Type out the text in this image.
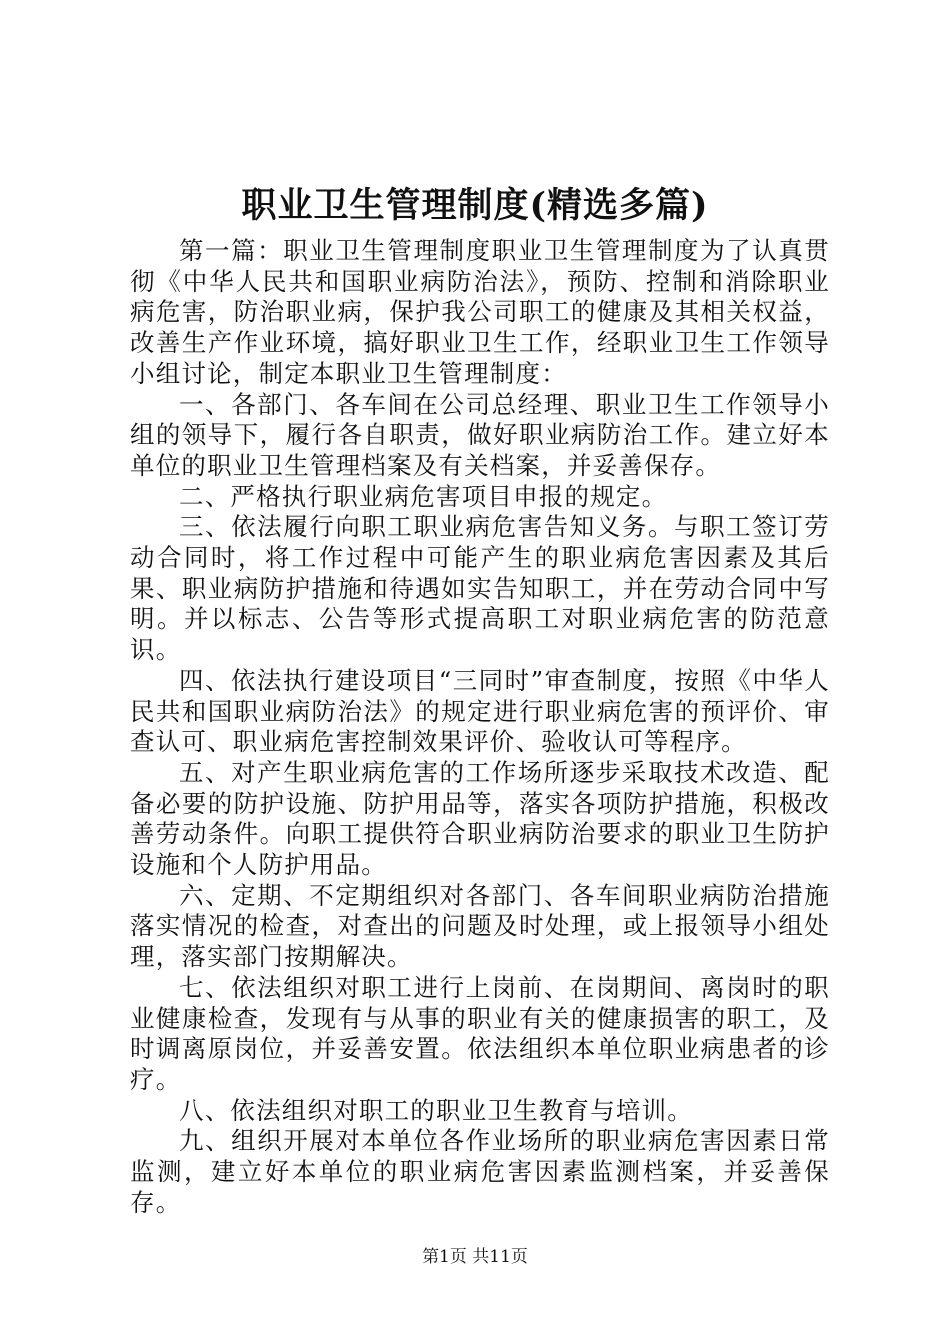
职业卫生管理制度(精选多篇)

第一篇：职业卫生管理制度职业卫生管理制度为了认真贯彻《中华人民共和国职业病防治法》，预防、控制和消除职业病危害，防治职业病，保护我公司职工的健康及其相关权益，改善生产作业环境，搞好职业卫生工作，经职业卫生工作领导小组讨论，制定本职业卫生管理制度：

一、各部门、各车间在公司总经理、职业卫生工作领导小组的领导下，履行各自职责，做好职业病防治工作。建立好本单位的职业卫生管理档案及有关档案，并妥善保存。

二、严格执行职业病危害项目申报的规定。

三、依法履行向职工职业病危害告知义务。与职工签订劳动合同时，将工作过程中可能产生的职业病危害因素及其后果、职业病防护措施和待遇如实告知职工，并在劳动合同中写明。并以标志、公告等形式提高职工对职业病危害的防范意识。

四、依法执行建设项目“三同时”审查制度，按照《中华人民共和国职业病防治法》的规定进行职业病危害的预评价、审查认可、职业病危害控制效果评价、验收认可等程序。

五、对产生职业病危害的工作场所逐步采取技术改造、配备必要的防护设施、防护用品等，落实各项防护措施，积极改善劳动条件。向职工提供符合职业病防治要求的职业卫生防护设施和个人防护用品。

六、定期、不定期组织对各部门、各车间职业病防治措施落实情况的检查，对查出的问题及时处理，或上报领导小组处理，落实部门按期解决。

七、依法组织对职工进行上岗前、在岗期间、离岗时的职业健康检查，发现有与从事的职业有关的健康损害的职工，及时调离原岗位，并妥善安置。依法组织本单位职业病患者的诊疗。

八、依法组织对职工的职业卫生教育与培训。

九、组织开展对本单位各作业场所的职业病危害因素日常监测，建立好本单位的职业病危害因素监测档案，并妥善保存。

第1页 共11页
